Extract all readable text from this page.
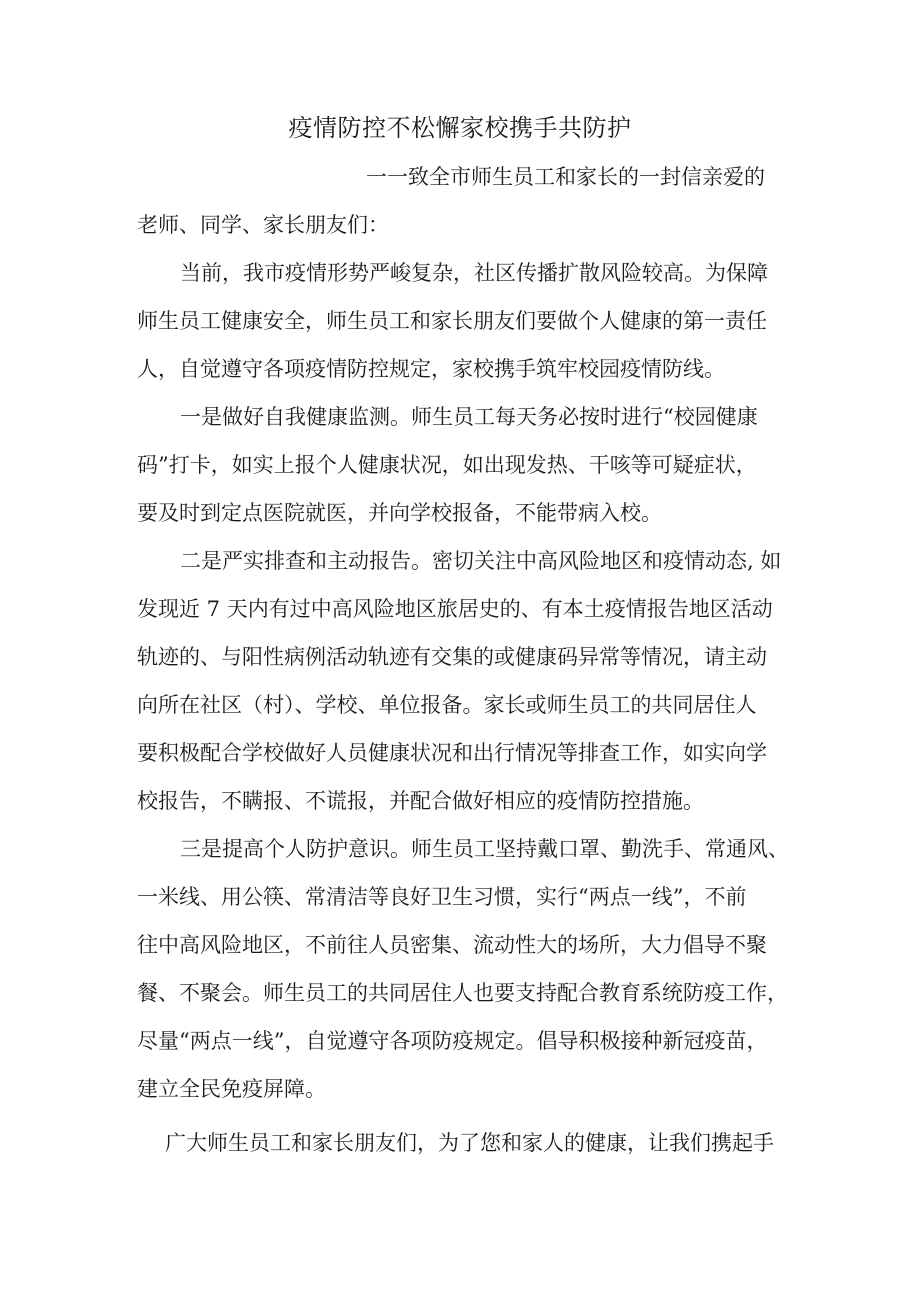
疫情防控不松懈家校携手共防护

一一致全市师生员工和家长的一封信亲爱的

老师、同学、家长朋友们：

当前，我市疫情形势严峻复杂，社区传播扩散风险较高。为保障

师生员工健康安全，师生员工和家长朋友们要做个人健康的第一责任

人，自觉遵守各项疫情防控规定，家校携手筑牢校园疫情防线。

一是做好自我健康监测。师生员工每天务必按时进行“校园健康

码”打卡，如实上报个人健康状况，如出现发热、干咳等可疑症状，

要及时到定点医院就医，并向学校报备，不能带病入校。

二是严实排查和主动报告。密切关注中高风险地区和疫情动态, 如

发现近 7 天内有过中高风险地区旅居史的、有本土疫情报告地区活动

轨迹的、与阳性病例活动轨迹有交集的或健康码异常等情况，请主动

向所在社区（村）、学校、单位报备。家长或师生员工的共同居住人

要积极配合学校做好人员健康状况和出行情况等排查工作，如实向学

校报告，不瞒报、不谎报，并配合做好相应的疫情防控措施。

三是提高个人防护意识。师生员工坚持戴口罩、勤洗手、常通风、

一米线、用公筷、常清洁等良好卫生习惯，实行“两点一线”，不前

往中高风险地区，不前往人员密集、流动性大的场所，大力倡导不聚

餐、不聚会。师生员工的共同居住人也要支持配合教育系统防疫工作，

尽量“两点一线”，自觉遵守各项防疫规定。倡导积极接种新冠疫苗，

建立全民免疫屏障。

广大师生员工和家长朋友们，为了您和家人的健康，让我们携起手
